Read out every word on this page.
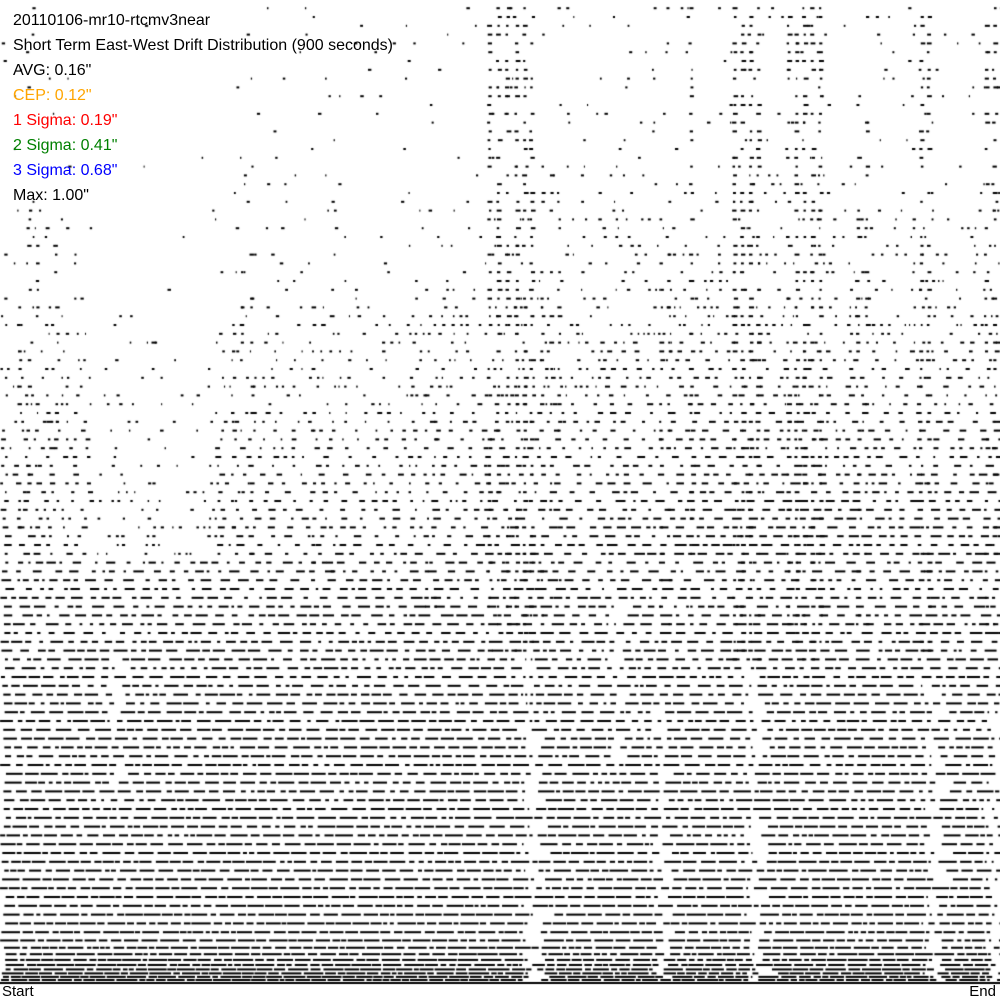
20110106-mr10-rtcmv3near
Short Term East-West Drift Distribution (900 seconds)
AVG: 0.16"
CEP: 0.12"
1 Sigma: 0.19"
2 Sigma: 0.41"
3 Sigma: 0.68"
Max: 1.00"
Start	End
